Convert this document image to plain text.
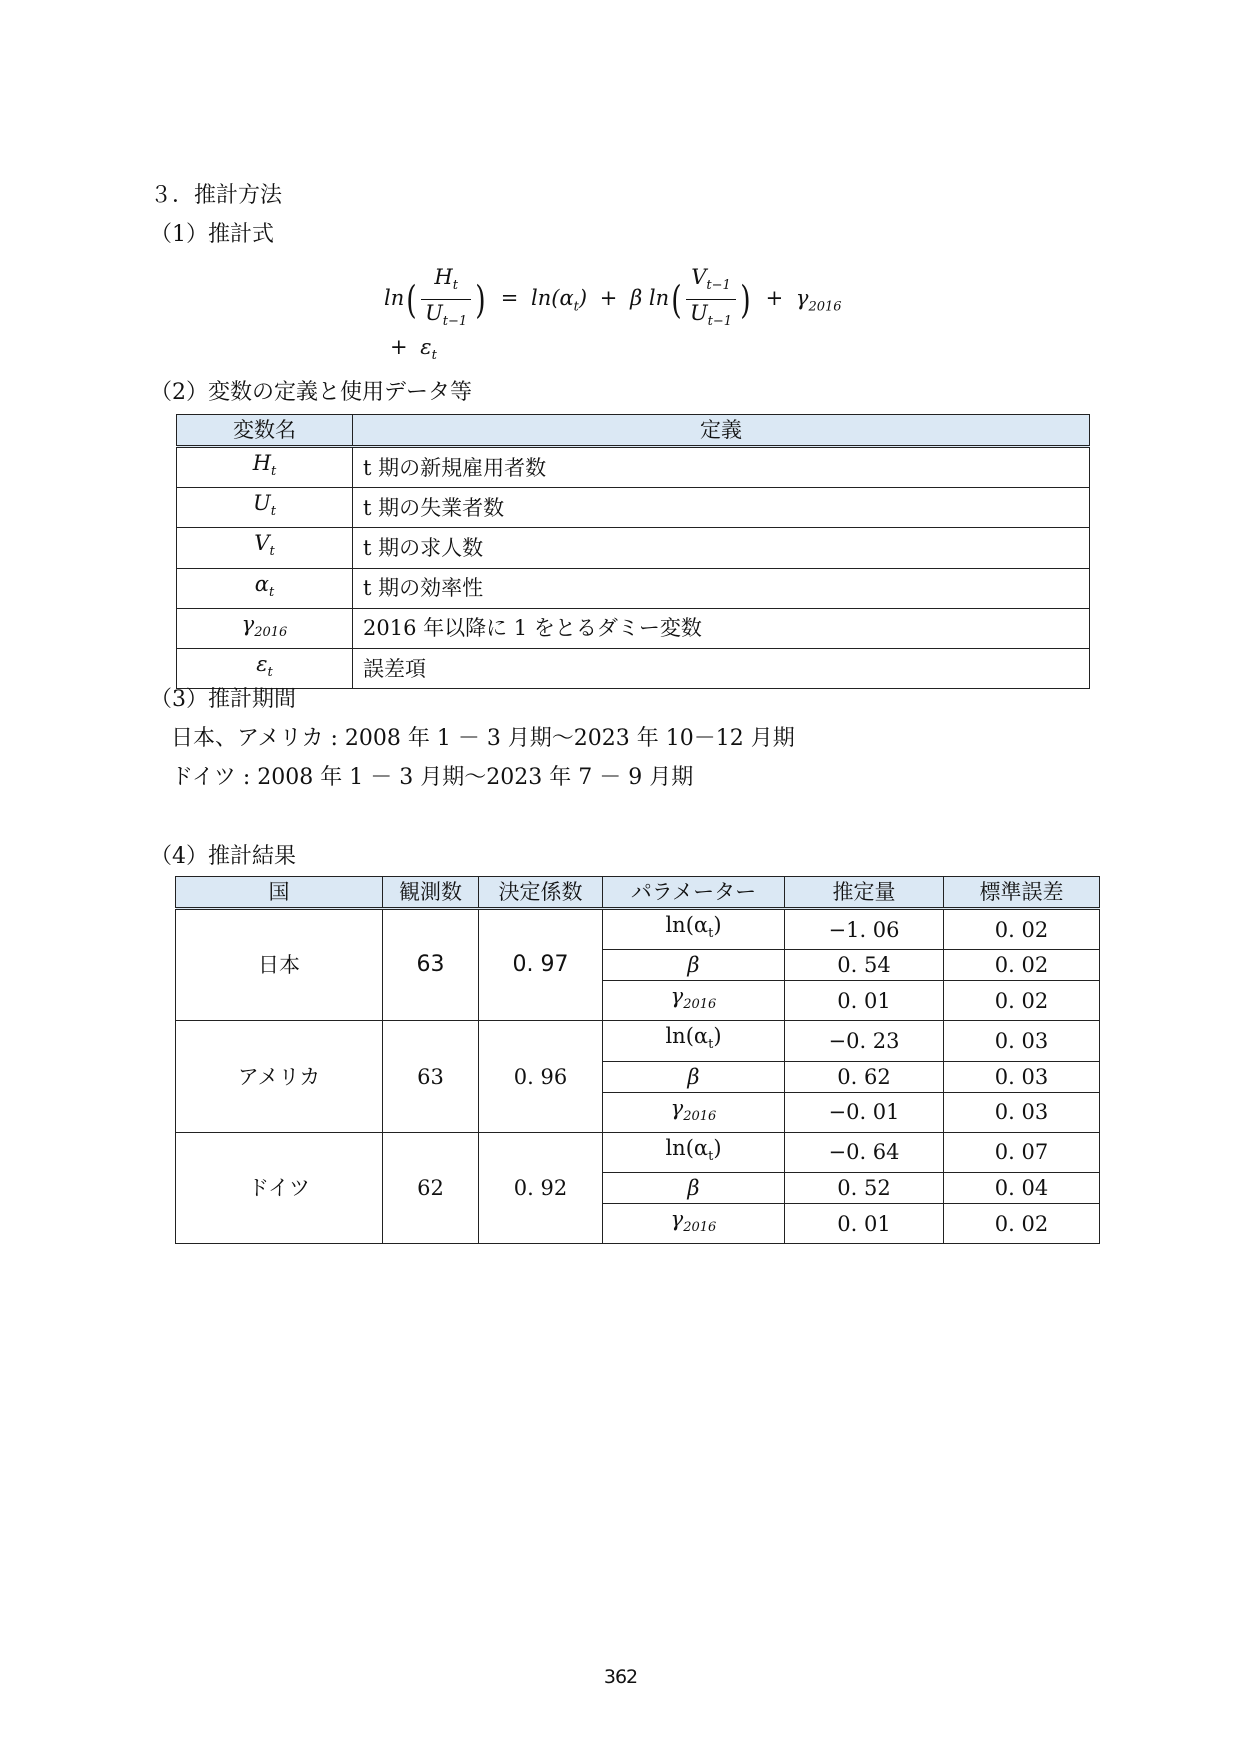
３．推計方法
（1）推計式
$\ln( \frac{H_t}{U_{t-1}}$ ) = $\ln(\alpha_t) + \beta$ $\ln( \frac{V_{t-1}}{U_{t-1}}$ ) + $\gamma_{2016} + \varepsilon_t$
（2）変数の定義と使用データ等
変数名	定義
$H_t$	t 期の新規雇用者数
$U_t$	t 期の失業者数
$V_t$	t 期の求人数
$\alpha_t$	t 期の効率性
$\gamma_{2016}$	2016 年以降に 1 をとるダミー変数
$\varepsilon_t$	誤差項
（3）推計期間
日本、アメリカ : 2008 年 1 － 3 月期～2023 年 10－12 月期
ドイツ : 2008 年 1 － 3 月期～2023 年 7 － 9 月期
（4）推計結果
国	観測数	決定係数	パラメーター	推定量	標準誤差
日本	63	0. 97	$\ln(\alpha_t)$	−1. 06	0. 02
			β	0. 54	0. 02
			$\gamma_{2016}$	0. 01	0. 02
アメリカ	63	0. 96	$\ln(\alpha_t)$	−0. 23	0. 03
			β	0. 62	0. 03
			$\gamma_{2016}$	−0. 01	0. 03
ドイツ	62	0. 92	$\ln(\alpha_t)$	−0. 64	0. 07
			β	0. 52	0. 04
			$\gamma_{2016}$	0. 01	0. 02
362
